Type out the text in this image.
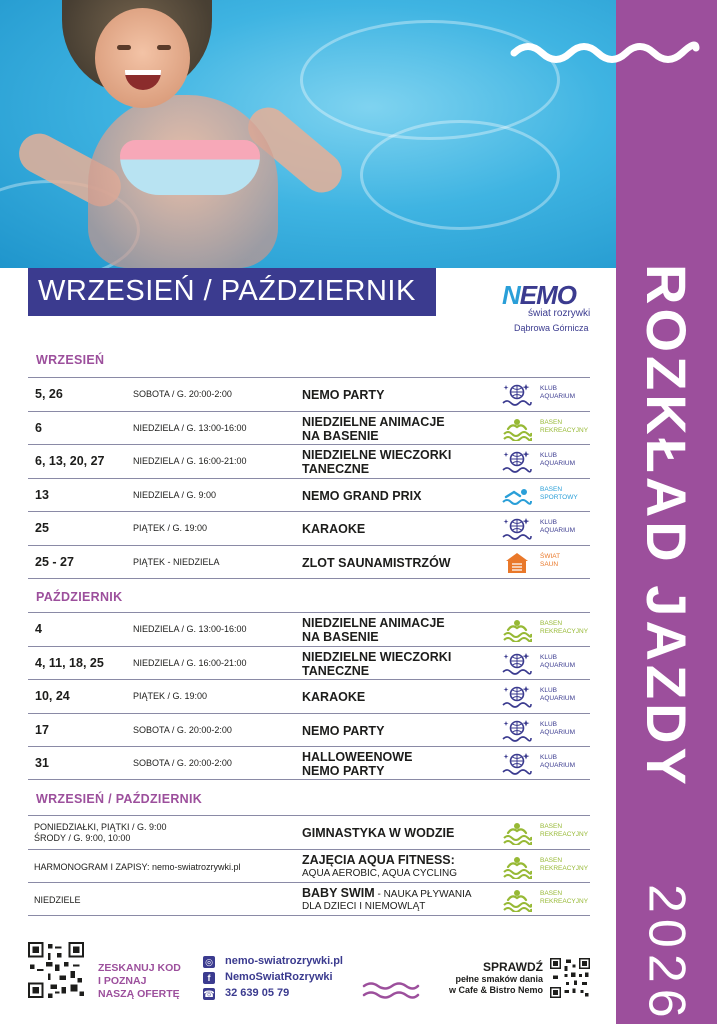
ROZKŁAD JAZDY
2026
WRZESIEŃ / PAŹDZIERNIK	NEMO
świat rozrywki
Dąbrowa Górnicza
WRZESIEŃ
5, 26	SOBOTA / G. 20:00-2:00	NEMO PARTY	KLUB
AQUARIUM
6	NIEDZIELA / G. 13:00-16:00	NIEDZIELNE ANIMACJE
NA BASENIE
BASEN
REKREACYJNY
6, 13, 20, 27	NIEDZIELA / G. 16:00-21:00	NIEDZIELNE WIECZORKI
TANECZNE
KLUB
AQUARIUM
13	NIEDZIELA / G. 9:00	NEMO GRAND PRIX	BASEN
SPORTOWY
25	PIĄTEK / G. 19:00	KARAOKE	KLUB
AQUARIUM
25 - 27	PIĄTEK - NIEDZIELA	ZLOT SAUNAMISTRZÓW	ŚWIAT
SAUN
PAŹDZIERNIK
4	NIEDZIELA / G. 13:00-16:00	NIEDZIELNE ANIMACJE
NA BASENIE
BASEN
REKREACYJNY
4, 11, 18, 25	NIEDZIELA / G. 16:00-21:00	NIEDZIELNE WIECZORKI
TANECZNE
KLUB
AQUARIUM
10, 24	PIĄTEK / G. 19:00	KARAOKE	KLUB
AQUARIUM
17	SOBOTA / G. 20:00-2:00	NEMO PARTY	KLUB
AQUARIUM
31	SOBOTA / G. 20:00-2:00	HALLOWEENOWE
NEMO PARTY
KLUB
AQUARIUM
WRZESIEŃ / PAŹDZIERNIK
PONIEDZIAŁKI, PIĄTKI / G. 9:00
ŚRODY / G. 9:00, 10:00	GIMNASTYKA W WODZIE	BASEN
REKREACYJNY
HARMONOGRAM I ZAPISY: nemo-swiatrozrywki.pl	ZAJĘCIA AQUA FITNESS:
AQUA AEROBIC, AQUA CYCLING
BASEN
REKREACYJNY
NIEDZIELE	BABY SWIM - NAUKA PŁYWANIA
DLA DZIECI I NIEMOWLĄT
BASEN
REKREACYJNY
ZESKANUJ KOD
I POZNAJ
NASZĄ OFERTĘ
◎ nemo-swiatrozrywki.pl
f	NemoSwiatRozrywki
☎ 32 639 05 79
SPRAWDŹ
pełne smaków dania
w Cafe & Bistro Nemo
